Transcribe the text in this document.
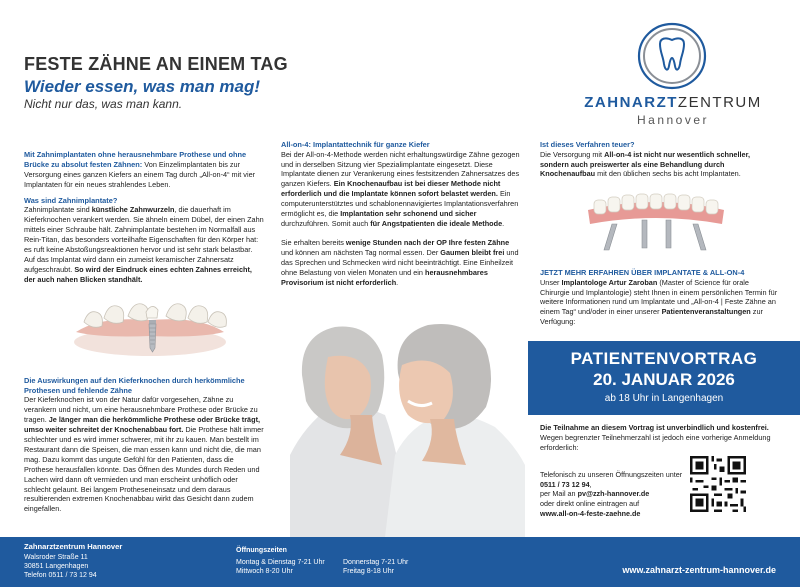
FESTE ZÄHNE AN EINEM TAG
Wieder essen, was man mag!
Nicht nur das, was man kann.	ZAHNARZTZENTRUM
Hannover

Mit Zahnimplantaten ohne herausnehmbare Prothese und ohne Brücke zu absolut festen Zähnen: Von Einzelimplantaten bis zur Versorgung eines ganzen Kiefers an einem Tag durch „All-on-4“ mit vier Implantaten für ein neues strahlendes Leben.

Was sind Zahnimplantate?
Zahnimplantate sind künstliche Zahnwurzeln, die dauerhaft im Kieferknochen verankert werden. Sie ähneln einem Dübel, der einen Zahn mittels einer Schraube hält. Zahnimplantate bestehen im Normalfall aus Rein-Titan, das besonders vorteilhafte Eigenschaften für den Körper hat: es ruft keine Abstoßungsreaktionen hervor und ist sehr stark belastbar. Auf das Implantat wird dann ein zumeist keramischer Zahnersatz aufgeschraubt. So wird der Eindruck eines echten Zahnes erreicht, der auch nahen Blicken standhält.

Die Auswirkungen auf den Kieferknochen durch herkömmliche Prothesen und fehlende Zähne
Der Kieferknochen ist von der Natur dafür vorgesehen, Zähne zu verankern und nicht, um eine herausnehmbare Prothese oder Brücke zu tragen. Je länger man die herkömmliche Prothese oder Brücke trägt, umso weiter schreitet der Knochenabbau fort. Die Prothese hält immer schlechter und es wird immer schwerer, mit ihr zu kauen. Man bestellt im Restaurant dann die Speisen, die man essen kann und nicht die, die man mag. Dazu kommt das ungute Gefühl für den Patienten, dass die Prothese herausfallen könnte. Das Öffnen des Mundes durch Reden und Lachen wird dann oft vermieden und man erscheint unhöflich oder schlecht gelaunt. Bei langem Protheseneinsatz und dem daraus resultierenden extremen Knochenabbau wirkt das Gesicht dann zudem eingefallen.

All-on-4: Implantattechnik für ganze Kiefer
Bei der All-on-4-Methode werden nicht erhaltungswürdige Zähne gezogen und in derselben Sitzung vier Spezialimplantate eingesetzt. Diese Implantate dienen zur Verankerung eines festsitzenden Zahnersatzes des ganzen Kiefers. Ein Knochenaufbau ist bei dieser Methode nicht erforderlich und die Implantate können sofort belastet werden. Ein computerunterstütztes und schablonennavigiertes Implantationsverfahren ermöglicht es, die Implantation sehr schonend und sicher durchzuführen. Somit auch für Angstpatienten die ideale Methode.

Sie erhalten bereits wenige Stunden nach der OP Ihre festen Zähne und können am nächsten Tag normal essen. Der Gaumen bleibt frei und das Sprechen und Schmecken wird nicht beeinträchtigt. Eine Einheilzeit ohne Belastung von vielen Monaten und ein herausnehmbares Provisorium ist nicht erforderlich.

Ist dieses Verfahren teuer?
Die Versorgung mit All-on-4 ist nicht nur wesentlich schneller, sondern auch preiswerter als eine Behandlung durch Knochenaufbau mit den üblichen sechs bis acht Implantaten.

JETZT MEHR ERFAHREN ÜBER IMPLANTATE & ALL-ON-4
Unser Implantologe Artur Zaroban (Master of Science für orale Chirurgie und Implantologie) steht Ihnen in einem persönlichen Termin für weitere Informationen rund um Implantate und „All-on-4 | Feste Zähne an einem Tag“ und/oder in einer unserer Patientenveranstaltungen zur Verfügung:

PATIENTENVORTRAG
20. JANUAR 2026
ab 18 Uhr in Langenhagen

Die Teilnahme an diesem Vortrag ist unverbindlich und kostenfrei. Wegen begrenzter Teilnehmerzahl ist jedoch eine vorherige Anmeldung erforderlich:

Telefonisch zu unseren Öffnungszeiten unter 0511 / 73 12 94,
per Mail an pv@zzh-hannover.de
oder direkt online eintragen auf
www.all-on-4-feste-zaehne.de

Zahnarztzentrum Hannover
Walsroder Straße 11
30851 Langenhagen
Telefon 0511 / 73 12 94
Öffnungszeiten
Montag & Dienstag 7-21 Uhr
Mittwoch 8-20 Uhr
Donnerstag 7-21 Uhr
Freitag 8-18 Uhr	www.zahnarzt-zentrum-hannover.de
